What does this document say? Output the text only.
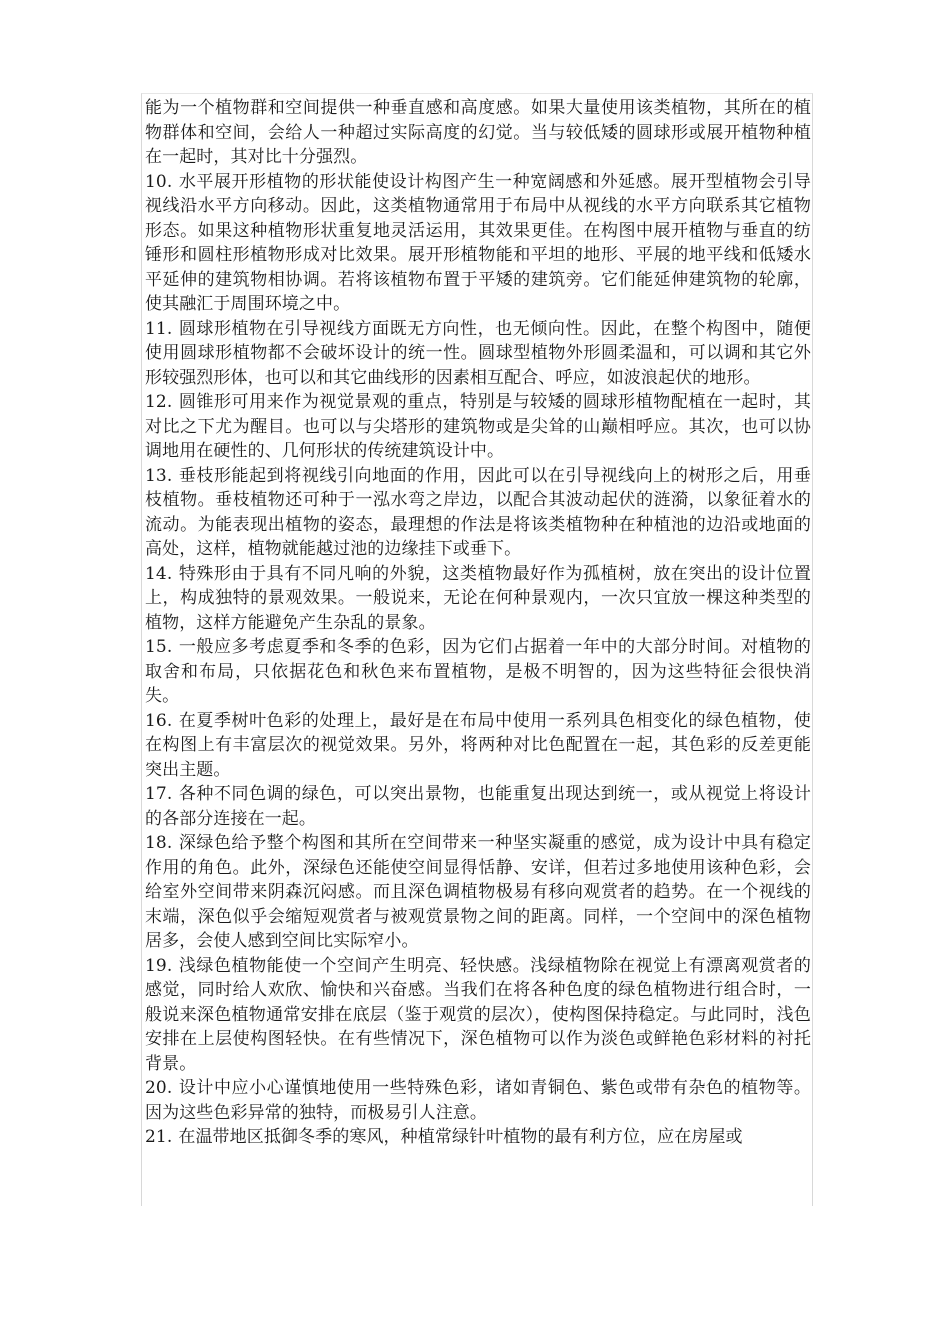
能为一个植物群和空间提供一种垂直感和高度感。如果大量使用该类植物，其所在的植物群体和空间，会给人一种超过实际高度的幻觉。当与较低矮的圆球形或展开植物种植在一起时，其对比十分强烈。

10. 水平展开形植物的形状能使设计构图产生一种宽阔感和外延感。展开型植物会引导视线沿水平方向移动。因此，这类植物通常用于布局中从视线的水平方向联系其它植物形态。如果这种植物形状重复地灵活运用，其效果更佳。在构图中展开植物与垂直的纺锤形和圆柱形植物形成对比效果。展开形植物能和平坦的地形、平展的地平线和低矮水平延伸的建筑物相协调。若将该植物布置于平矮的建筑旁。它们能延伸建筑物的轮廓，使其融汇于周围环境之中。

11. 圆球形植物在引导视线方面既无方向性，也无倾向性。因此，在整个构图中，随便使用圆球形植物都不会破坏设计的统一性。圆球型植物外形圆柔温和，可以调和其它外形较强烈形体，也可以和其它曲线形的因素相互配合、呼应，如波浪起伏的地形。

12. 圆锥形可用来作为视觉景观的重点，特别是与较矮的圆球形植物配植在一起时，其对比之下尤为醒目。也可以与尖塔形的建筑物或是尖耸的山巅相呼应。其次，也可以协调地用在硬性的、几何形状的传统建筑设计中。

13. 垂枝形能起到将视线引向地面的作用，因此可以在引导视线向上的树形之后，用垂枝植物。垂枝植物还可种于一泓水弯之岸边，以配合其波动起伏的涟漪，以象征着水的流动。为能表现出植物的姿态，最理想的作法是将该类植物种在种植池的边沿或地面的高处，这样，植物就能越过池的边缘挂下或垂下。

14. 特殊形由于具有不同凡响的外貌，这类植物最好作为孤植树，放在突出的设计位置上，构成独特的景观效果。一般说来，无论在何种景观内，一次只宜放一棵这种类型的植物，这样方能避免产生杂乱的景象。

15. 一般应多考虑夏季和冬季的色彩，因为它们占据着一年中的大部分时间。对植物的取舍和布局，只依据花色和秋色来布置植物，是极不明智的，因为这些特征会很快消失。

16. 在夏季树叶色彩的处理上，最好是在布局中使用一系列具色相变化的绿色植物，使在构图上有丰富层次的视觉效果。另外，将两种对比色配置在一起，其色彩的反差更能突出主题。

17. 各种不同色调的绿色，可以突出景物，也能重复出现达到统一，或从视觉上将设计的各部分连接在一起。

18. 深绿色给予整个构图和其所在空间带来一种坚实凝重的感觉，成为设计中具有稳定作用的角色。此外，深绿色还能使空间显得恬静、安详，但若过多地使用该种色彩，会给室外空间带来阴森沉闷感。而且深色调植物极易有移向观赏者的趋势。在一个视线的末端，深色似乎会缩短观赏者与被观赏景物之间的距离。同样，一个空间中的深色植物居多，会使人感到空间比实际窄小。

19. 浅绿色植物能使一个空间产生明亮、轻快感。浅绿植物除在视觉上有漂离观赏者的感觉，同时给人欢欣、愉快和兴奋感。当我们在将各种色度的绿色植物进行组合时，一般说来深色植物通常安排在底层（鉴于观赏的层次），使构图保持稳定。与此同时，浅色安排在上层使构图轻快。在有些情况下，深色植物可以作为淡色或鲜艳色彩材料的衬托背景。

20. 设计中应小心谨慎地使用一些特殊色彩，诸如青铜色、紫色或带有杂色的植物等。因为这些色彩异常的独特，而极易引人注意。

21. 在温带地区抵御冬季的寒风，种植常绿针叶植物的最有利方位，应在房屋或
